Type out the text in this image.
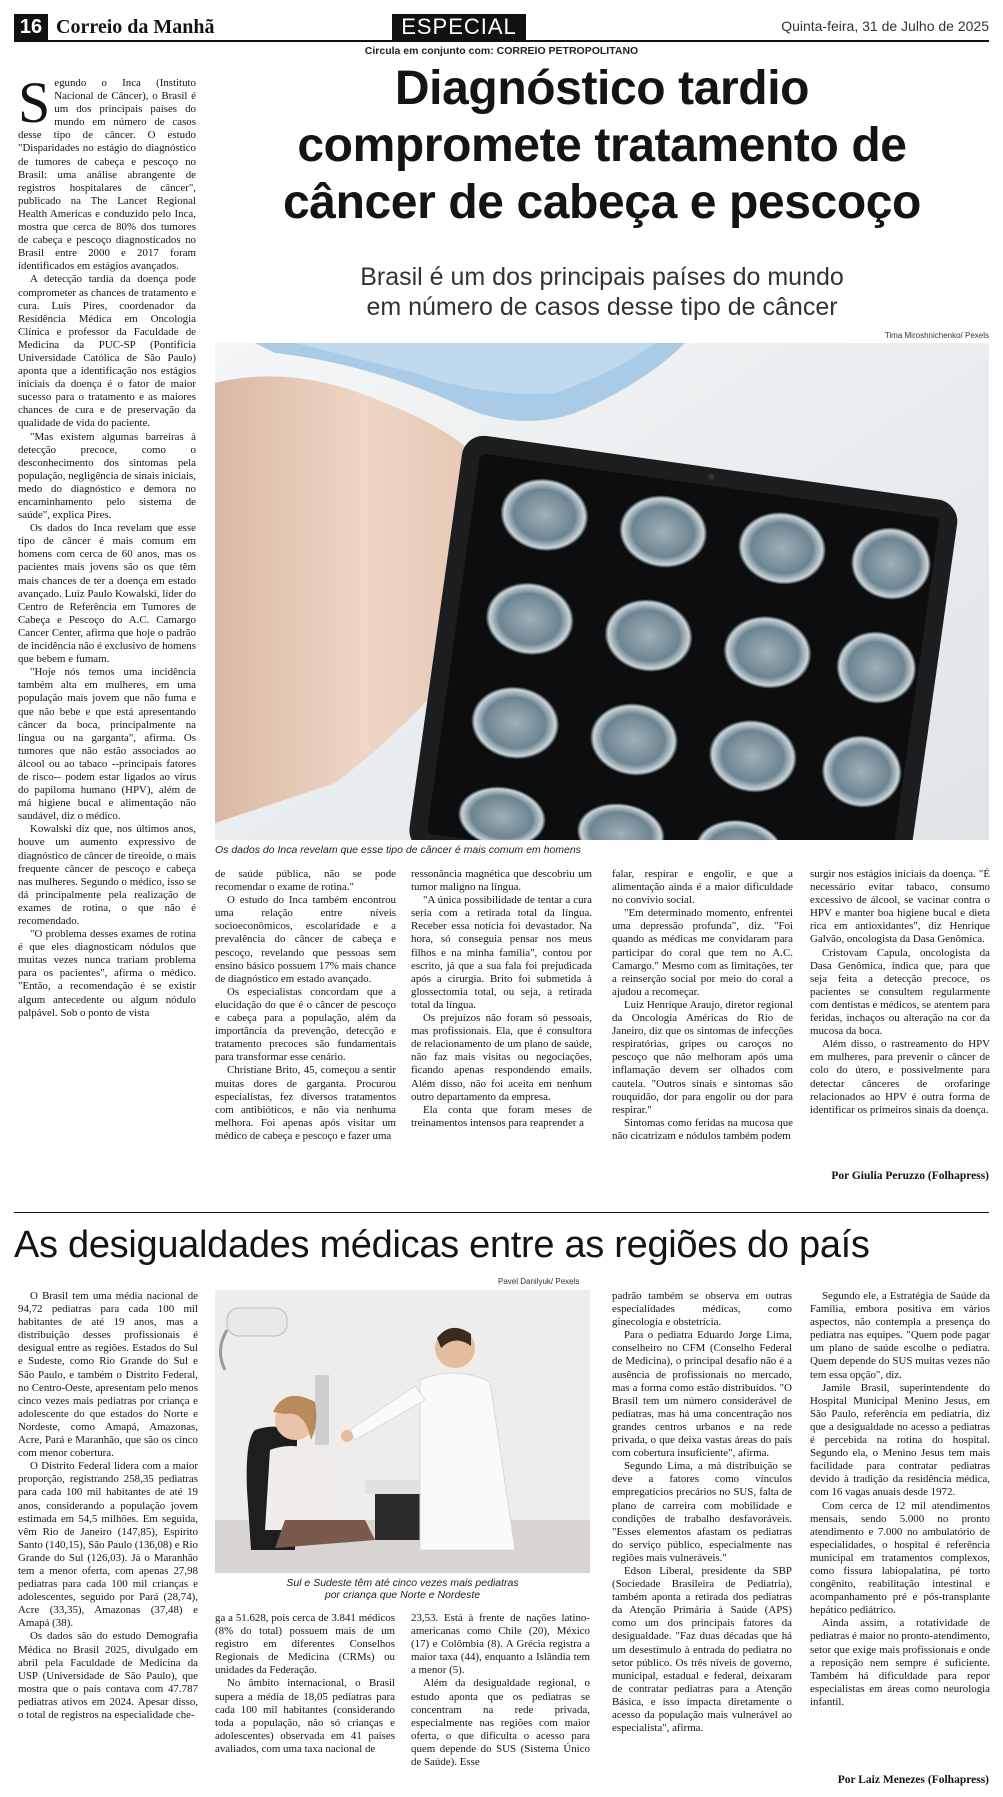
16 Correio da Manhã	ESPECIAL	Quinta-feira, 31 de Julho de 2025
Circula em conjunto com: CORREIO PETROPOLITANO

Segundo o Inca (Instituto Nacional de Câncer), o Brasil é um dos principais países do mundo em número de casos desse tipo de câncer. O estudo "Disparidades no estágio do diagnóstico de tumores de cabeça e pescoço no Brasil: uma análise abrangente de registros hospitalares de câncer", publicado na The Lancet Regional Health Americas e conduzido pelo Inca, mostra que cerca de 80% dos tumores de cabeça e pescoço diagnosticados no Brasil entre 2000 e 2017 foram identificados em estágios avançados.

A detecção tardia da doença pode comprometer as chances de tratamento e cura. Luís Pires, coordenador da Residência Médica em Oncologia Clínica e professor da Faculdade de Medicina da PUC-SP (Pontifícia Universidade Católica de São Paulo) aponta que a identificação nos estágios iniciais da doença é o fator de maior sucesso para o tratamento e as maiores chances de cura e de preservação da qualidade de vida do paciente.

"Mas existem algumas barreiras à detecção precoce, como o desconhecimento dos sintomas pela população, negligência de sinais iniciais, medo do diagnóstico e demora no encaminhamento pelo sistema de saúde", explica Pires.

Os dados do Inca revelam que esse tipo de câncer é mais comum em homens com cerca de 60 anos, mas os pacientes mais jovens são os que têm mais chances de ter a doença em estado avançado. Luiz Paulo Kowalski, líder do Centro de Referência em Tumores de Cabeça e Pescoço do A.C. Camargo Cancer Center, afirma que hoje o padrão de incidência não é exclusivo de homens que bebem e fumam.

"Hoje nós temos uma incidência também alta em mulheres, em uma população mais jovem que não fuma e que não bebe e que está apresentando câncer da boca, principalmente na língua ou na garganta", afirma. Os tumores que não estão associados ao álcool ou ao tabaco --principais fatores de risco-- podem estar ligados ao vírus do papiloma humano (HPV), além de má higiene bucal e alimentação não saudável, diz o médico.

Kowalski diz que, nos últimos anos, houve um aumento expressivo de diagnóstico de câncer de tireoide, o mais frequente câncer de pescoço e cabeça nas mulheres. Segundo o médico, isso se dá principalmente pela realização de exames de rotina, o que não é recomendado.

"O problema desses exames de rotina é que eles diagnosticam nódulos que muitas vezes nunca trariam problema para os pacientes", afirma o médico. "Então, a recomendação é se existir algum antecedente ou algum nódulo palpável. Sob o ponto de vista

Diagnóstico tardio
compromete tratamento de
câncer de cabeça e pescoço
Brasil é um dos principais países do mundo
em número de casos desse tipo de câncer
Tima Miroshnichenko/ Pexels
Os dados do Inca revelam que esse tipo de câncer é mais comum em homens

de saúde pública, não se pode recomendar o exame de rotina."

O estudo do Inca também encontrou uma relação entre níveis socioeconômicos, escolaridade e a prevalência do câncer de cabeça e pescoço, revelando que pessoas sem ensino básico possuem 17% mais chance de diagnóstico em estado avançado.

Os especialistas concordam que a elucidação do que é o câncer de pescoço e cabeça para a população, além da importância da prevenção, detecção e tratamento precoces são fundamentais para transformar esse cenário.

Christiane Brito, 45, começou a sentir muitas dores de garganta. Procurou especialistas, fez diversos tratamentos com antibióticos, e não via nenhuma melhora. Foi apenas após visitar um médico de cabeça e pescoço e fazer uma

ressonância magnética que descobriu um tumor maligno na língua.

"A única possibilidade de tentar a cura seria com a retirada total da língua. Receber essa notícia foi devastador. Na hora, só conseguia pensar nos meus filhos e na minha família", contou por escrito, já que a sua fala foi prejudicada após a cirurgia. Brito foi submetida à glossectomia total, ou seja, a retirada total da língua.

Os prejuízos não foram só pessoais, mas profissionais. Ela, que é consultora de relacionamento de um plano de saúde, não faz mais visitas ou negociações, ficando apenas respondendo emails. Além disso, não foi aceita em nenhum outro departamento da empresa.

Ela conta que foram meses de treinamentos intensos para reaprender a

falar, respirar e engolir, e que a alimentação ainda é a maior dificuldade no convívio social.

"Em determinado momento, enfrentei uma depressão profunda", diz. "Foi quando as médicas me convidaram para participar do coral que tem no A.C. Camargo." Mesmo com as limitações, ter a reinserção social por meio do coral a ajudou a recomeçar.

Luiz Henrique Araujo, diretor regional da Oncologia Américas do Rio de Janeiro, diz que os sintomas de infecções respiratórias, gripes ou caroços no pescoço que não melhoram após uma inflamação devem ser olhados com cautela. "Outros sinais e sintomas são rouquidão, dor para engolir ou dor para respirar."

Sintomas como feridas na mucosa que não cicatrizam e nódulos também podem

surgir nos estágios iniciais da doença. "É necessário evitar tabaco, consumo excessivo de álcool, se vacinar contra o HPV e manter boa higiene bucal e dieta rica em antioxidantes", diz Henrique Galvão, oncologista da Dasa Genômica.

Cristovam Capula, oncologista da Dasa Genômica, indica que, para que seja feita a detecção precoce, os pacientes se consultem regularmente com dentistas e médicos, se atentem para feridas, inchaços ou alteração na cor da mucosa da boca.

Além disso, o rastreamento do HPV em mulheres, para prevenir o câncer de colo do útero, e possivelmente para detectar cânceres de orofaringe relacionados ao HPV é outra forma de identificar os primeiros sinais da doença.

Por Giulia Peruzzo (Folhapress)
As desigualdades médicas entre as regiões do país

O Brasil tem uma média nacional de 94,72 pediatras para cada 100 mil habitantes de até 19 anos, mas a distribuição desses profissionais é desigual entre as regiões. Estados do Sul e Sudeste, como Rio Grande do Sul e São Paulo, e também o Distrito Federal, no Centro-Oeste, apresentam pelo menos cinco vezes mais pediatras por criança e adolescente do que estados do Norte e Nordeste, como Amapá, Amazonas, Acre, Pará e Maranhão, que são os cinco com menor cobertura.

O Distrito Federal lidera com a maior proporção, registrando 258,35 pediatras para cada 100 mil habitantes de até 19 anos, considerando a população jovem estimada em 54,5 milhões. Em seguida, vêm Rio de Janeiro (147,85), Espírito Santo (140,15), São Paulo (136,08) e Rio Grande do Sul (126,03). Já o Maranhão tem a menor oferta, com apenas 27,98 pediatras para cada 100 mil crianças e adolescentes, seguido por Pará (28,74), Acre (33,35), Amazonas (37,48) e Amapá (38).

Os dados são do estudo Demografia Médica no Brasil 2025, divulgado em abril pela Faculdade de Medicina da USP (Universidade de São Paulo), que mostra que o país contava com 47.787 pediatras ativos em 2024. Apesar disso, o total de registros na especialidade che-

Pavel Danilyuk/ Pexels
Sul e Sudeste têm até cinco vezes mais pediatras
por criança que Norte e Nordeste

ga a 51.628, pois cerca de 3.841 médicos (8% do total) possuem mais de um registro em diferentes Conselhos Regionais de Medicina (CRMs) ou unidades da Federação.

No âmbito internacional, o Brasil supera a média de 18,05 pediatras para cada 100 mil habitantes (considerando toda a população, não só crianças e adolescentes) observada em 41 países avaliados, com uma taxa nacional de

23,53. Está à frente de nações latino-americanas como Chile (20), México (17) e Colômbia (8). A Grécia registra a maior taxa (44), enquanto a Islândia tem a menor (5).

Além da desigualdade regional, o estudo aponta que os pediatras se concentram na rede privada, especialmente nas regiões com maior oferta, o que dificulta o acesso para quem depende do SUS (Sistema Único de Saúde). Esse

padrão também se observa em outras especialidades médicas, como ginecologia e obstetrícia.

Para o pediatra Eduardo Jorge Lima, conselheiro no CFM (Conselho Federal de Medicina), o principal desafio não é a ausência de profissionais no mercado, mas a forma como estão distribuídos. "O Brasil tem um número considerável de pediatras, mas há uma concentração nos grandes centros urbanos e na rede privada, o que deixa vastas áreas do país com cobertura insuficiente", afirma.

Segundo Lima, a má distribuição se deve a fatores como vínculos empregatícios precários no SUS, falta de plano de carreira com mobilidade e condições de trabalho desfavoráveis. "Esses elementos afastam os pediatras do serviço público, especialmente nas regiões mais vulneráveis."

Edson Liberal, presidente da SBP (Sociedade Brasileira de Pediatria), também aponta a retirada dos pediatras da Atenção Primária à Saúde (APS) como um dos principais fatores da desigualdade. "Faz duas décadas que há um desestímulo à entrada do pediatra no setor público. Os três níveis de governo, municipal, estadual e federal, deixaram de contratar pediatras para a Atenção Básica, e isso impacta diretamente o acesso da população mais vulnerável ao especialista", afirma.

Segundo ele, a Estratégia de Saúde da Família, embora positiva em vários aspectos, não contempla a presença do pediatra nas equipes. "Quem pode pagar um plano de saúde escolhe o pediatra. Quem depende do SUS muitas vezes não tem essa opção", diz.

Jamile Brasil, superintendente do Hospital Municipal Menino Jesus, em São Paulo, referência em pediatria, diz que a desigualdade no acesso a pediatras é percebida na rotina do hospital. Segundo ela, o Menino Jesus tem mais facilidade para contratar pediatras devido à tradição da residência médica, com 16 vagas anuais desde 1972.

Com cerca de 12 mil atendimentos mensais, sendo 5.000 no pronto atendimento e 7.000 no ambulatório de especialidades, o hospital é referência municipal em tratamentos complexos, como fissura labiopalatina, pé torto congênito, reabilitação intestinal e acompanhamento pré e pós-transplante hepático pediátrico.

Ainda assim, a rotatividade de pediatras é maior no pronto-atendimento, setor que exige mais profissionais e onde a reposição nem sempre é suficiente. Também há dificuldade para repor especialistas em áreas como neurologia infantil.

Por Laiz Menezes (Folhapress)
